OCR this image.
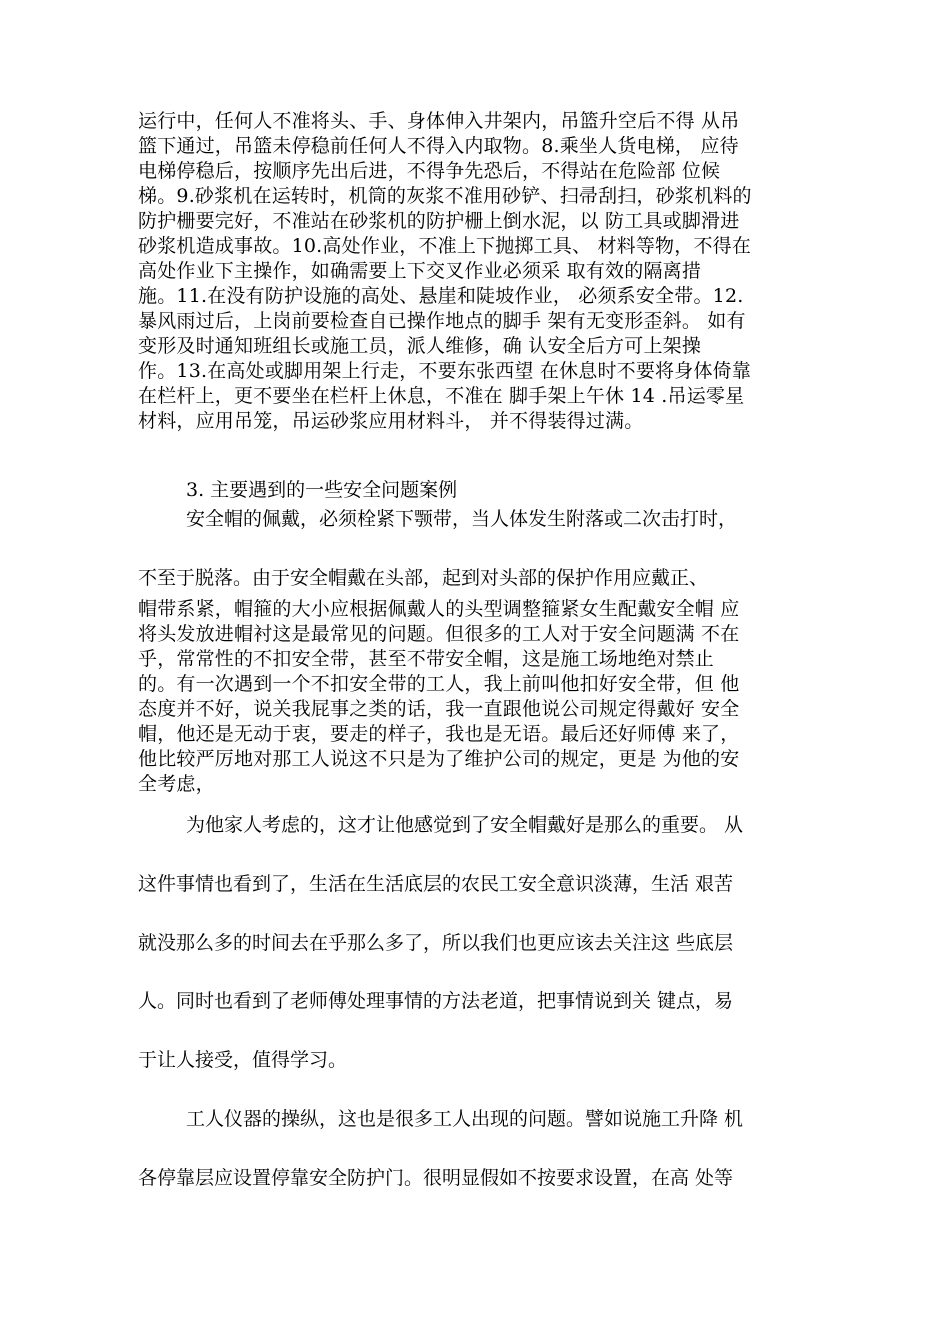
运行中，任何人不准将头、手、身体伸入井架内，吊篮升空后不得 从吊
篮下通过，吊篮未停稳前任何人不得入内取物。8.乘坐人货电梯， 应待
电梯停稳后，按顺序先出后进，不得争先恐后，不得站在危险部 位候
梯。9.砂浆机在运转时，机筒的灰浆不准用砂铲、扫帚刮扫，砂浆机料的
防护栅要完好，不准站在砂浆机的防护栅上倒水泥，以 防工具或脚滑进
砂浆机造成事故。10.高处作业，不准上下抛掷工具、 材料等物，不得在
高处作业下主操作，如确需要上下交叉作业必须采 取有效的隔离措
施。11.在没有防护设施的高处、悬崖和陡坡作业， 必须系安全带。12.
暴风雨过后，上岗前要检查自已操作地点的脚手 架有无变形歪斜。 如有
变形及时通知班组长或施工员，派人维修，确 认安全后方可上架操
作。13.在高处或脚用架上行走，不要东张西望 在休息时不要将身体倚靠
在栏杆上，更不要坐在栏杆上休息，不准在 脚手架上午休 14 .吊运零星
材料，应用吊笼，吊运砂浆应用材料斗， 并不得装得过满。
3. 主要遇到的一些安全问题案例
安全帽的佩戴，必须栓紧下颚带，当人体发生附落或二次击打时，
不至于脱落。由于安全帽戴在头部，起到对头部的保护作用应戴正、
帽带系紧，帽箍的大小应根据佩戴人的头型调整箍紧女生配戴安全帽 应
将头发放进帽衬这是最常见的问题。但很多的工人对于安全问题满 不在
乎，常常性的不扣安全带，甚至不带安全帽，这是施工场地绝对禁止
的。有一次遇到一个不扣安全带的工人，我上前叫他扣好安全带，但 他
态度并不好，说关我屁事之类的话，我一直跟他说公司规定得戴好 安全
帽，他还是无动于衷，要走的样子，我也是无语。最后还好师傅 来了，
他比较严厉地对那工人说这不只是为了维护公司的规定，更是 为他的安
全考虑，
为他家人考虑的，这才让他感觉到了安全帽戴好是那么的重要。 从
这件事情也看到了，生活在生活底层的农民工安全意识淡薄，生活 艰苦
就没那么多的时间去在乎那么多了，所以我们也更应该去关注这 些底层
人。同时也看到了老师傅处理事情的方法老道，把事情说到关 键点，易
于让人接受，值得学习。
工人仪器的操纵，这也是很多工人出现的问题。譬如说施工升降 机
各停靠层应设置停靠安全防护门。很明显假如不按要求设置，在高 处等
